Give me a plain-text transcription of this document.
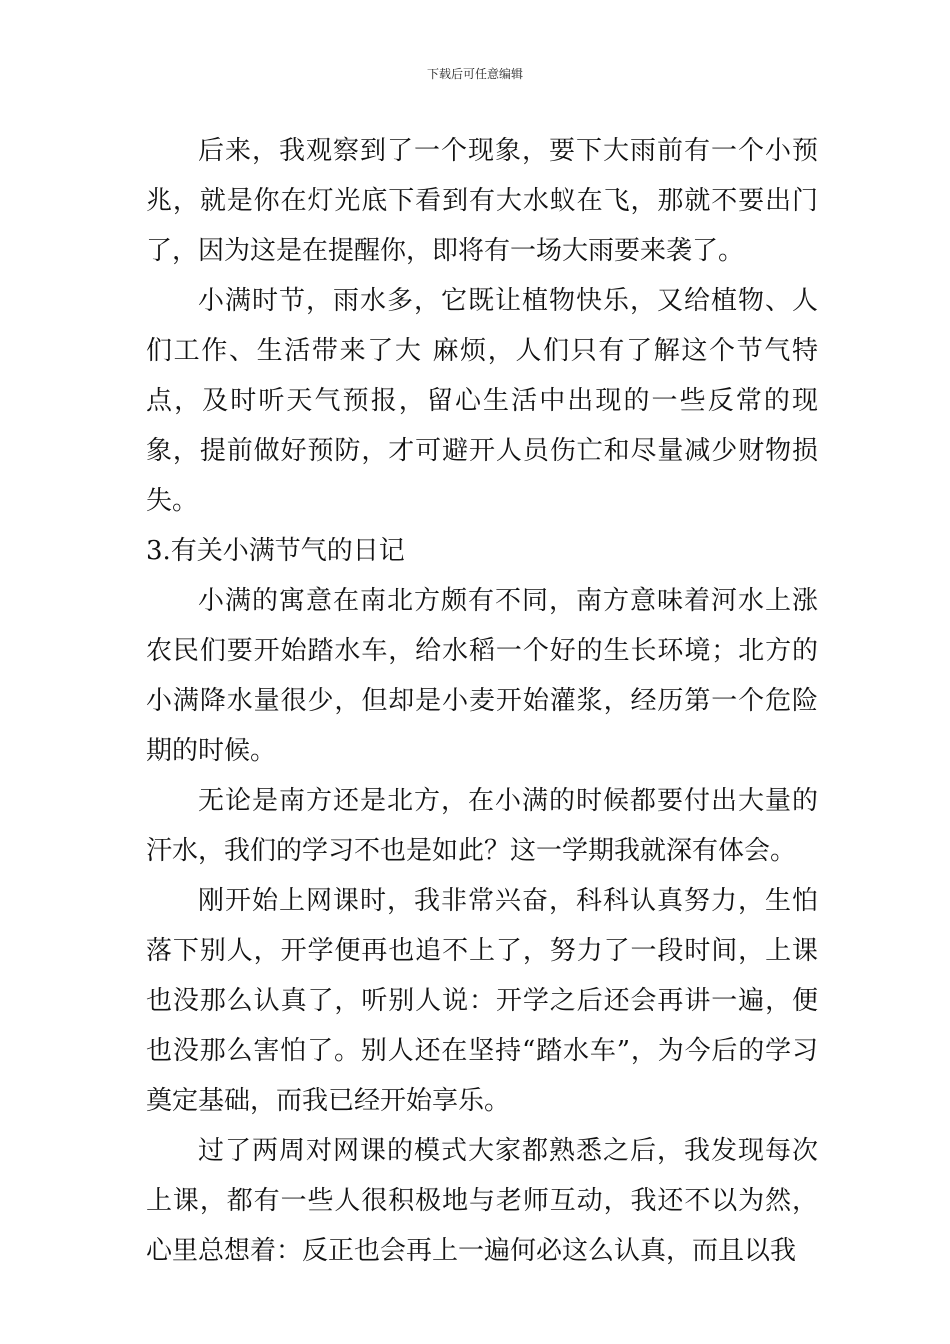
下载后可任意编辑

后来，我观察到了一个现象，要下大雨前有一个小预兆，就是你在灯光底下看到有大水蚁在飞，那就不要出门了，因为这是在提醒你，即将有一场大雨要来袭了。

小满时节，雨水多，它既让植物快乐，又给植物、人们工作、生活带来了大 麻烦，人们只有了解这个节气特点，及时听天气预报，留心生活中出现的一些反常的现象，提前做好预防，才可避开人员伤亡和尽量减少财物损失。

3.有关小满节气的日记

小满的寓意在南北方颇有不同，南方意味着河水上涨农民们要开始踏水车，给水稻一个好的生长环境；北方的小满降水量很少，但却是小麦开始灌浆，经历第一个危险期的时候。

无论是南方还是北方，在小满的时候都要付出大量的汗水，我们的学习不也是如此？这一学期我就深有体会。

刚开始上网课时，我非常兴奋，科科认真努力，生怕落下别人，开学便再也追不上了，努力了一段时间，上课也没那么认真了，听别人说：开学之后还会再讲一遍，便也没那么害怕了。别人还在坚持“踏水车”，为今后的学习奠定基础，而我已经开始享乐。

过了两周对网课的模式大家都熟悉之后，我发现每次上课，都有一些人很积极地与老师互动，我还不以为然，心里总想着：反正也会再上一遍何必这么认真，而且以我
